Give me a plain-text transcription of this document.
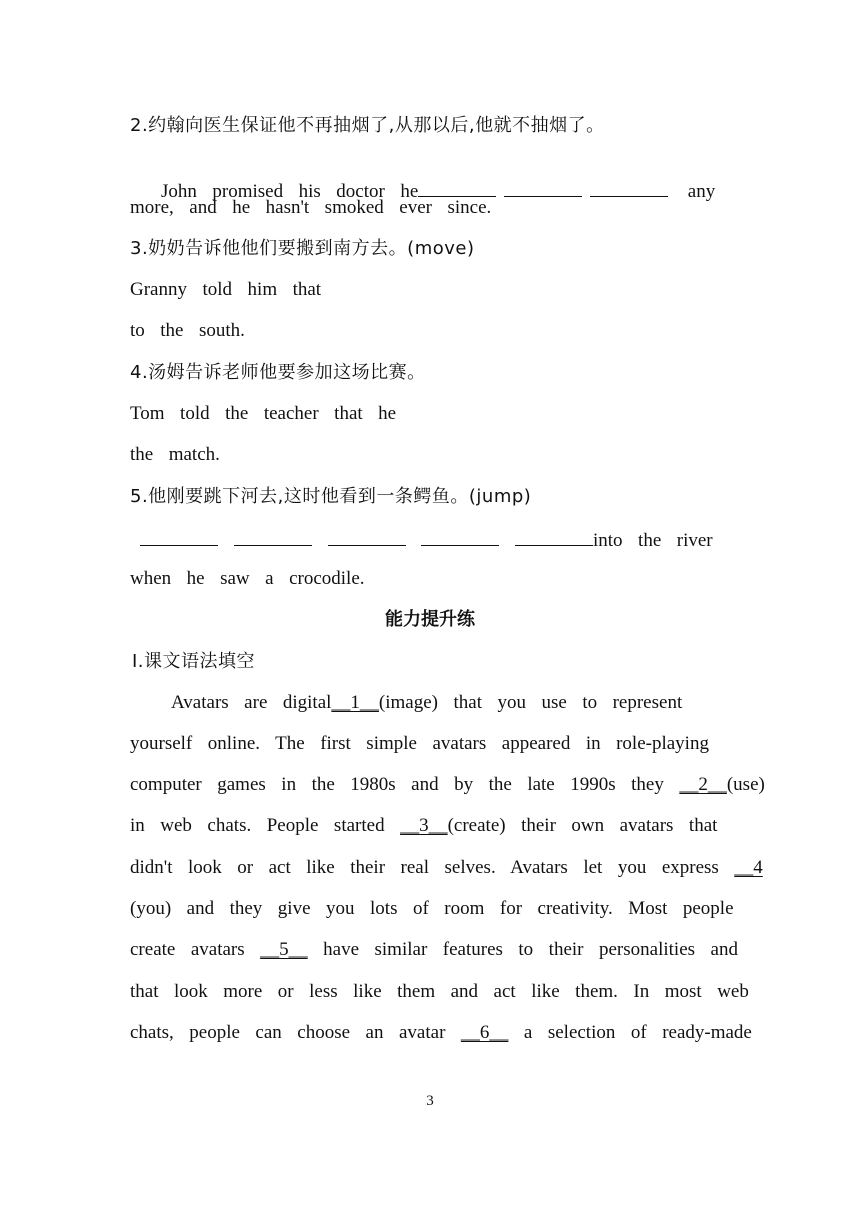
2.约翰向医生保证他不再抽烟了,从那以后,他就不抽烟了。

John  promised  his  doctor  he	any

more,  and  he  hasn't  smoked  ever  since.
3.奶奶告诉他他们要搬到南方去。(move)
Granny  told  him  that
to  the  south.
4.汤姆告诉老师他要参加这场比赛。
Tom  told  the  teacher  that  he
the  match.
5.他刚要跳下河去,这时他看到一条鳄鱼。(jump)
into  the  river
when  he  saw  a  crocodile.
能力提升练
Ⅰ.课文语法填空
Avatars  are  digital__1__(image)  that  you  use  to  represent
yourself  online.  The  first  simple  avatars  appeared  in  role-playing
computer  games  in  the  1980s  and  by  the  late  1990s  they __2__(use)
in  web  chats.  People  started __3__(create)  their  own  avatars  that
didn't  look  or  act  like  their  real  selves.  Avatars  let  you  express __4
(you)  and  they  give  you  lots  of  room  for  creativity.  Most  people
create  avatars __5__ have  similar  features  to  their  personalities  and
that  look  more  or  less  like  them  and  act  like  them.  In  most  web
chats,  people  can  choose  an  avatar __6__ a  selection  of  ready-made
3
